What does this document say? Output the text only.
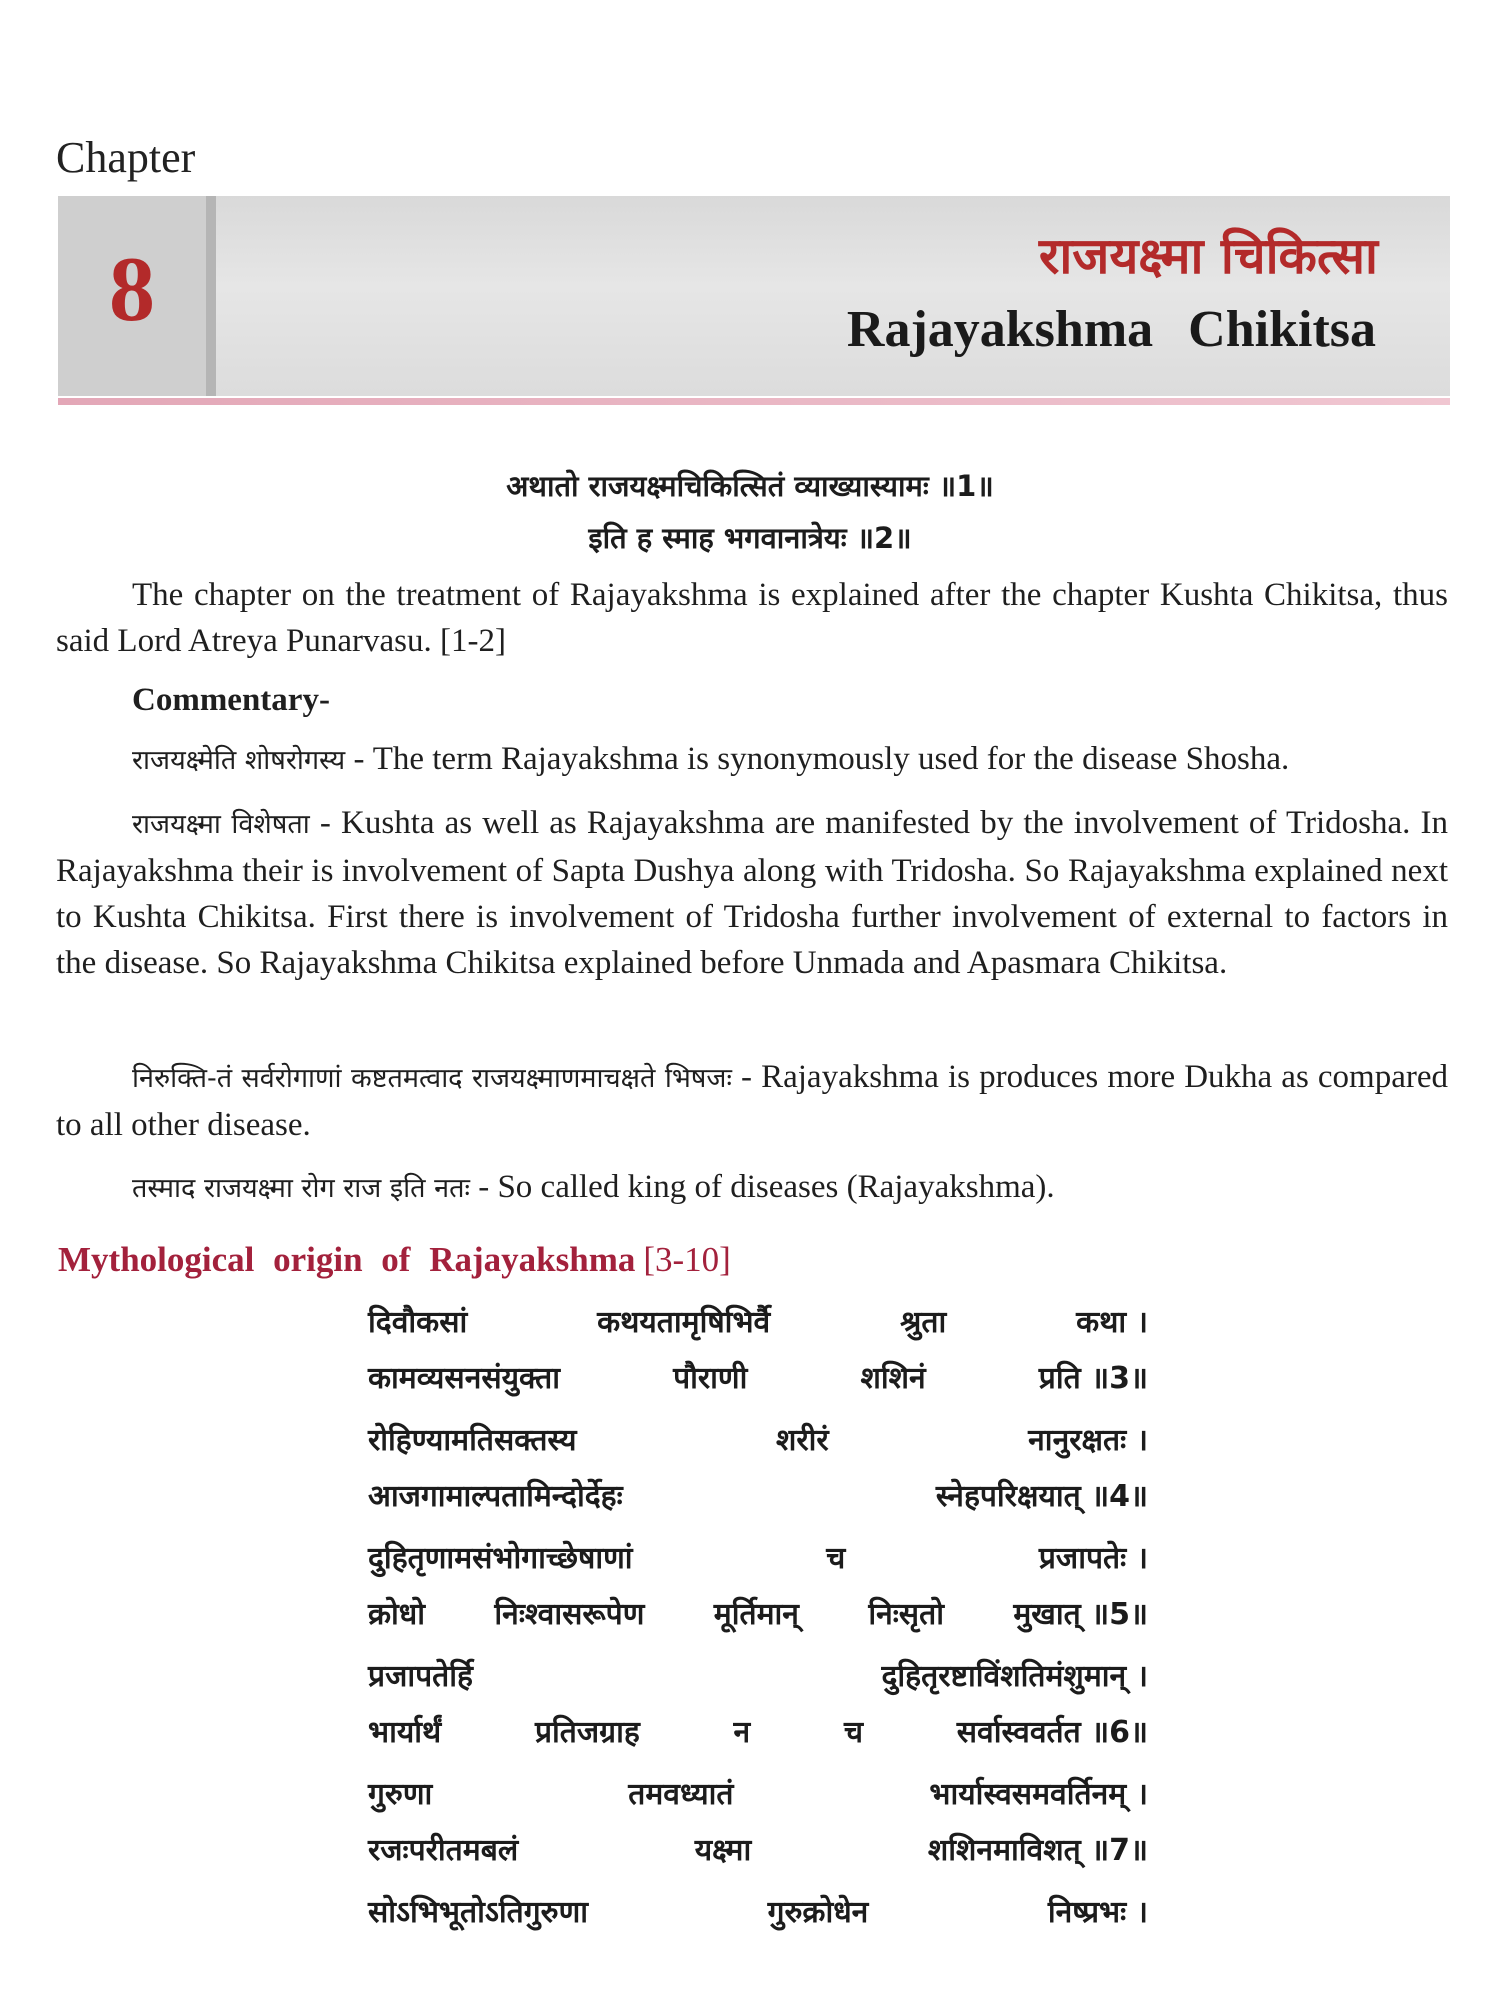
Chapter
8	राजयक्ष्मा चिकित्सा
Rajayakshma Chikitsa
अथातो राजयक्ष्मचिकित्सितं व्याख्यास्यामः ॥1॥
इति ह स्माह भगवानात्रेयः ॥2॥
The chapter on the treatment of Rajayakshma is explained after the chapter Kushta Chikitsa, thus said Lord Atreya Punarvasu. [1-2]
Commentary-
राजयक्ष्मेति शोषरोगस्य - The term Rajayakshma is synonymously used for the disease Shosha.
राजयक्ष्मा विशेषता - Kushta as well as Rajayakshma are manifested by the involvement of Tridosha. In Rajayakshma their is involvement of Sapta Dushya along with Tridosha. So Rajayakshma explained next to Kushta Chikitsa. First there is involvement of Tridosha further involvement of external to factors in the disease. So Rajayakshma Chikitsa explained before Unmada and Apasmara Chikitsa.
निरुक्ति-तं सर्वरोगाणां कष्टतमत्वाद राजयक्ष्माणमाचक्षते भिषजः - Rajayakshma is produces more Dukha as compared to all other disease.
तस्माद राजयक्ष्मा रोग राज इति नतः - So called king of diseases (Rajayakshma).
Mythological origin of Rajayakshma [3-10]
दिवौकसां	कथयतामृषिभिर्वै	श्रुता	कथा ।
कामव्यसनसंयुक्ता	पौराणी	शशिनं	प्रति ॥3॥
रोहिण्यामतिसक्तस्य	शरीरं	नानुरक्षतः ।
आजगामाल्पतामिन्दोर्देहः	स्नेहपरिक्षयात् ॥4॥
दुहितृणामसंभोगाच्छेषाणां	च	प्रजापतेः ।
क्रोधो निःश्वासरूपेण मूर्तिमान् निःसृतो मुखात् ॥5॥
प्रजापतेर्हि	दुहितृरष्टाविंशतिमंशुमान् ।
भार्यार्थं	प्रतिजग्राह	न	च	सर्वास्ववर्तत ॥6॥
गुरुणा	तमवध्यातं	भार्यास्वसमवर्तिनम् ।
रजःपरीतमबलं	यक्ष्मा	शशिनमाविशत् ॥7॥
सोऽभिभूतोऽतिगुरुणा	गुरुक्रोधेन	निष्प्रभः ।
